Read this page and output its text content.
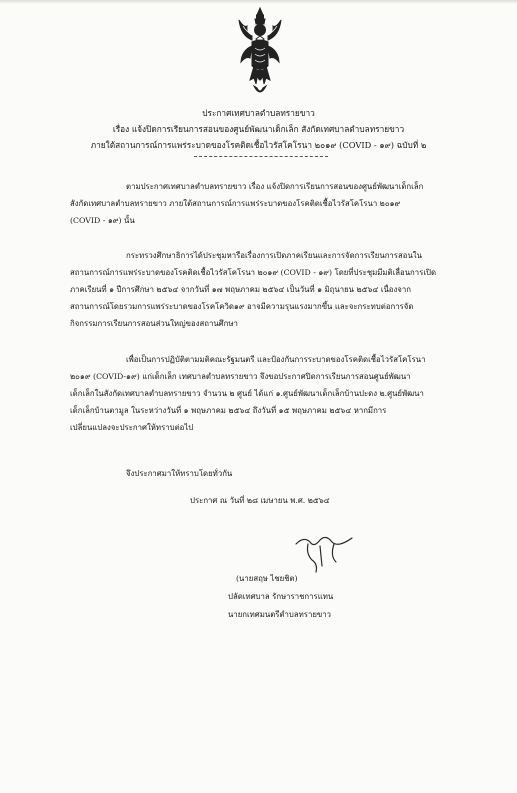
ประกาศเทศบาลตำบลทรายขาว
เรื่อง แจ้งปิดการเรียนการสอนของศูนย์พัฒนาเด็กเล็ก สังกัดเทศบาลตำบลทรายขาว
ภายใต้สถานการณ์การแพร่ระบาดของโรคติดเชื้อไวรัสโคโรนา ๒๐๑๙ (COVID - ๑๙) ฉบับที่ ๒
ตามประกาศเทศบาลตำบลทรายขาว เรื่อง แจ้งปิดการเรียนการสอนของศูนย์พัฒนาเด็กเล็ก
สังกัดเทศบาลตำบลทรายขาว ภายใต้สถานการณ์การแพร่ระบาดของโรคติดเชื้อไวรัสโคโรนา ๒๐๑๙
(COVID - ๑๙) นั้น
กระทรวงศึกษาธิการได้ประชุมหารือเรื่องการเปิดภาคเรียนและการจัดการเรียนการสอนใน
สถานการณ์การแพร่ระบาดของโรคติดเชื้อไวรัสโคโรนา ๒๐๑๙ (COVID - ๑๙) โดยที่ประชุมมีมติเลื่อนการเปิด
ภาคเรียนที่ ๑ ปีการศึกษา ๒๕๖๔ จากวันที่ ๑๗ พฤษภาคม ๒๕๖๔ เป็นวันที่ ๑ มิถุนายน ๒๕๖๔ เนื่องจาก
สถานการณ์โดยรวมการแพร่ระบาดของโรคโควิด๑๙ อาจมีความรุนแรงมากขึ้น และจะกระทบต่อการจัด
กิจกรรมการเรียนการสอนส่วนใหญ่ของสถานศึกษา
เพื่อเป็นการปฏิบัติตามมติคณะรัฐมนตรี และป้องกันการระบาดของโรคติดเชื้อไวรัสโคโรนา
๒๐๑๙ (COVID-๑๙) แก่เด็กเล็ก เทศบาลตำบลทรายขาว จึงขอประกาศปิดการเรียนการสอนศูนย์พัฒนา
เด็กเล็กในสังกัดเทศบาลตำบลทรายขาว จำนวน ๒ ศูนย์ ได้แก่ ๑.ศูนย์พัฒนาเด็กเล็กบ้านปะดง ๒.ศูนย์พัฒนา
เด็กเล็กบ้านตามูล ในระหว่างวันที่ ๑ พฤษภาคม ๒๕๖๔ ถึงวันที่ ๑๕ พฤษภาคม ๒๕๖๔ หากมีการ
เปลี่ยนแปลงจะประกาศให้ทราบต่อไป
จึงประกาศมาให้ทราบโดยทั่วกัน
ประกาศ ณ วันที่ ๒๘ เมษายน พ.ศ. ๒๕๖๔
(นายสฤษ ไชยชิต)
ปลัดเทศบาล รักษาราชการแทน
นายกเทศมนตรีตำบลทรายขาว
